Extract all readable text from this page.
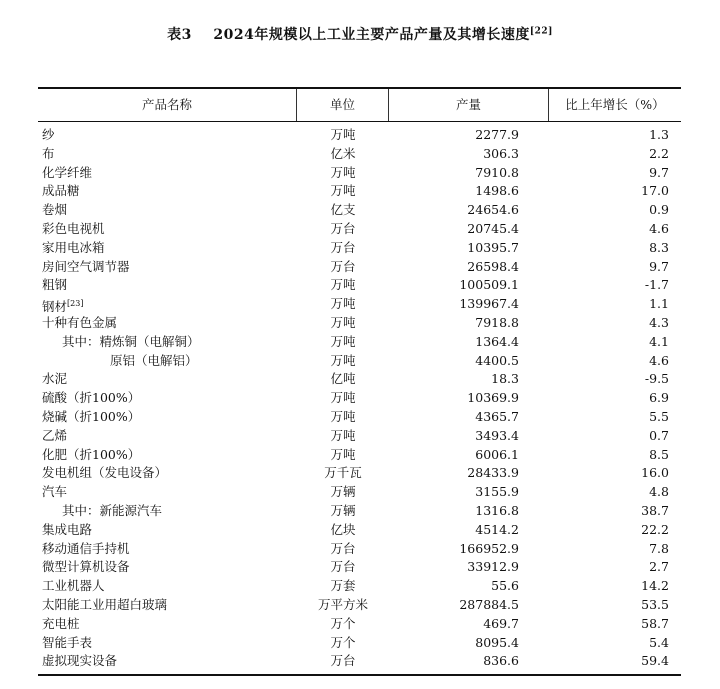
表3 2024年规模以上工业主要产品产量及其增长速度[22]
产品名称	单位	产量	比上年增长（%）
纱	万吨	2277.9	1.3
布	亿米	306.3	2.2
化学纤维	万吨	7910.8	9.7
成品糖	万吨	1498.6	17.0
卷烟	亿支	24654.6	0.9
彩色电视机	万台	20745.4	4.6
家用电冰箱	万台	10395.7	8.3
房间空气调节器	万台	26598.4	9.7
粗钢	万吨	100509.1	-1.7
钢材[23]	万吨	139967.4	1.1
十种有色金属	万吨	7918.8	4.3
其中：精炼铜（电解铜）	万吨	1364.4	4.1
原铝（电解铝）	万吨	4400.5	4.6
水泥	亿吨	18.3	-9.5
硫酸（折100%）	万吨	10369.9	6.9
烧碱（折100%）	万吨	4365.7	5.5
乙烯	万吨	3493.4	0.7
化肥（折100%）	万吨	6006.1	8.5
发电机组（发电设备）	万千瓦	28433.9	16.0
汽车	万辆	3155.9	4.8
其中：新能源汽车	万辆	1316.8	38.7
集成电路	亿块	4514.2	22.2
移动通信手持机	万台	166952.9	7.8
微型计算机设备	万台	33912.9	2.7
工业机器人	万套	55.6	14.2
太阳能工业用超白玻璃	万平方米	287884.5	53.5
充电桩	万个	469.7	58.7
智能手表	万个	8095.4	5.4
虚拟现实设备	万台	836.6	59.4
